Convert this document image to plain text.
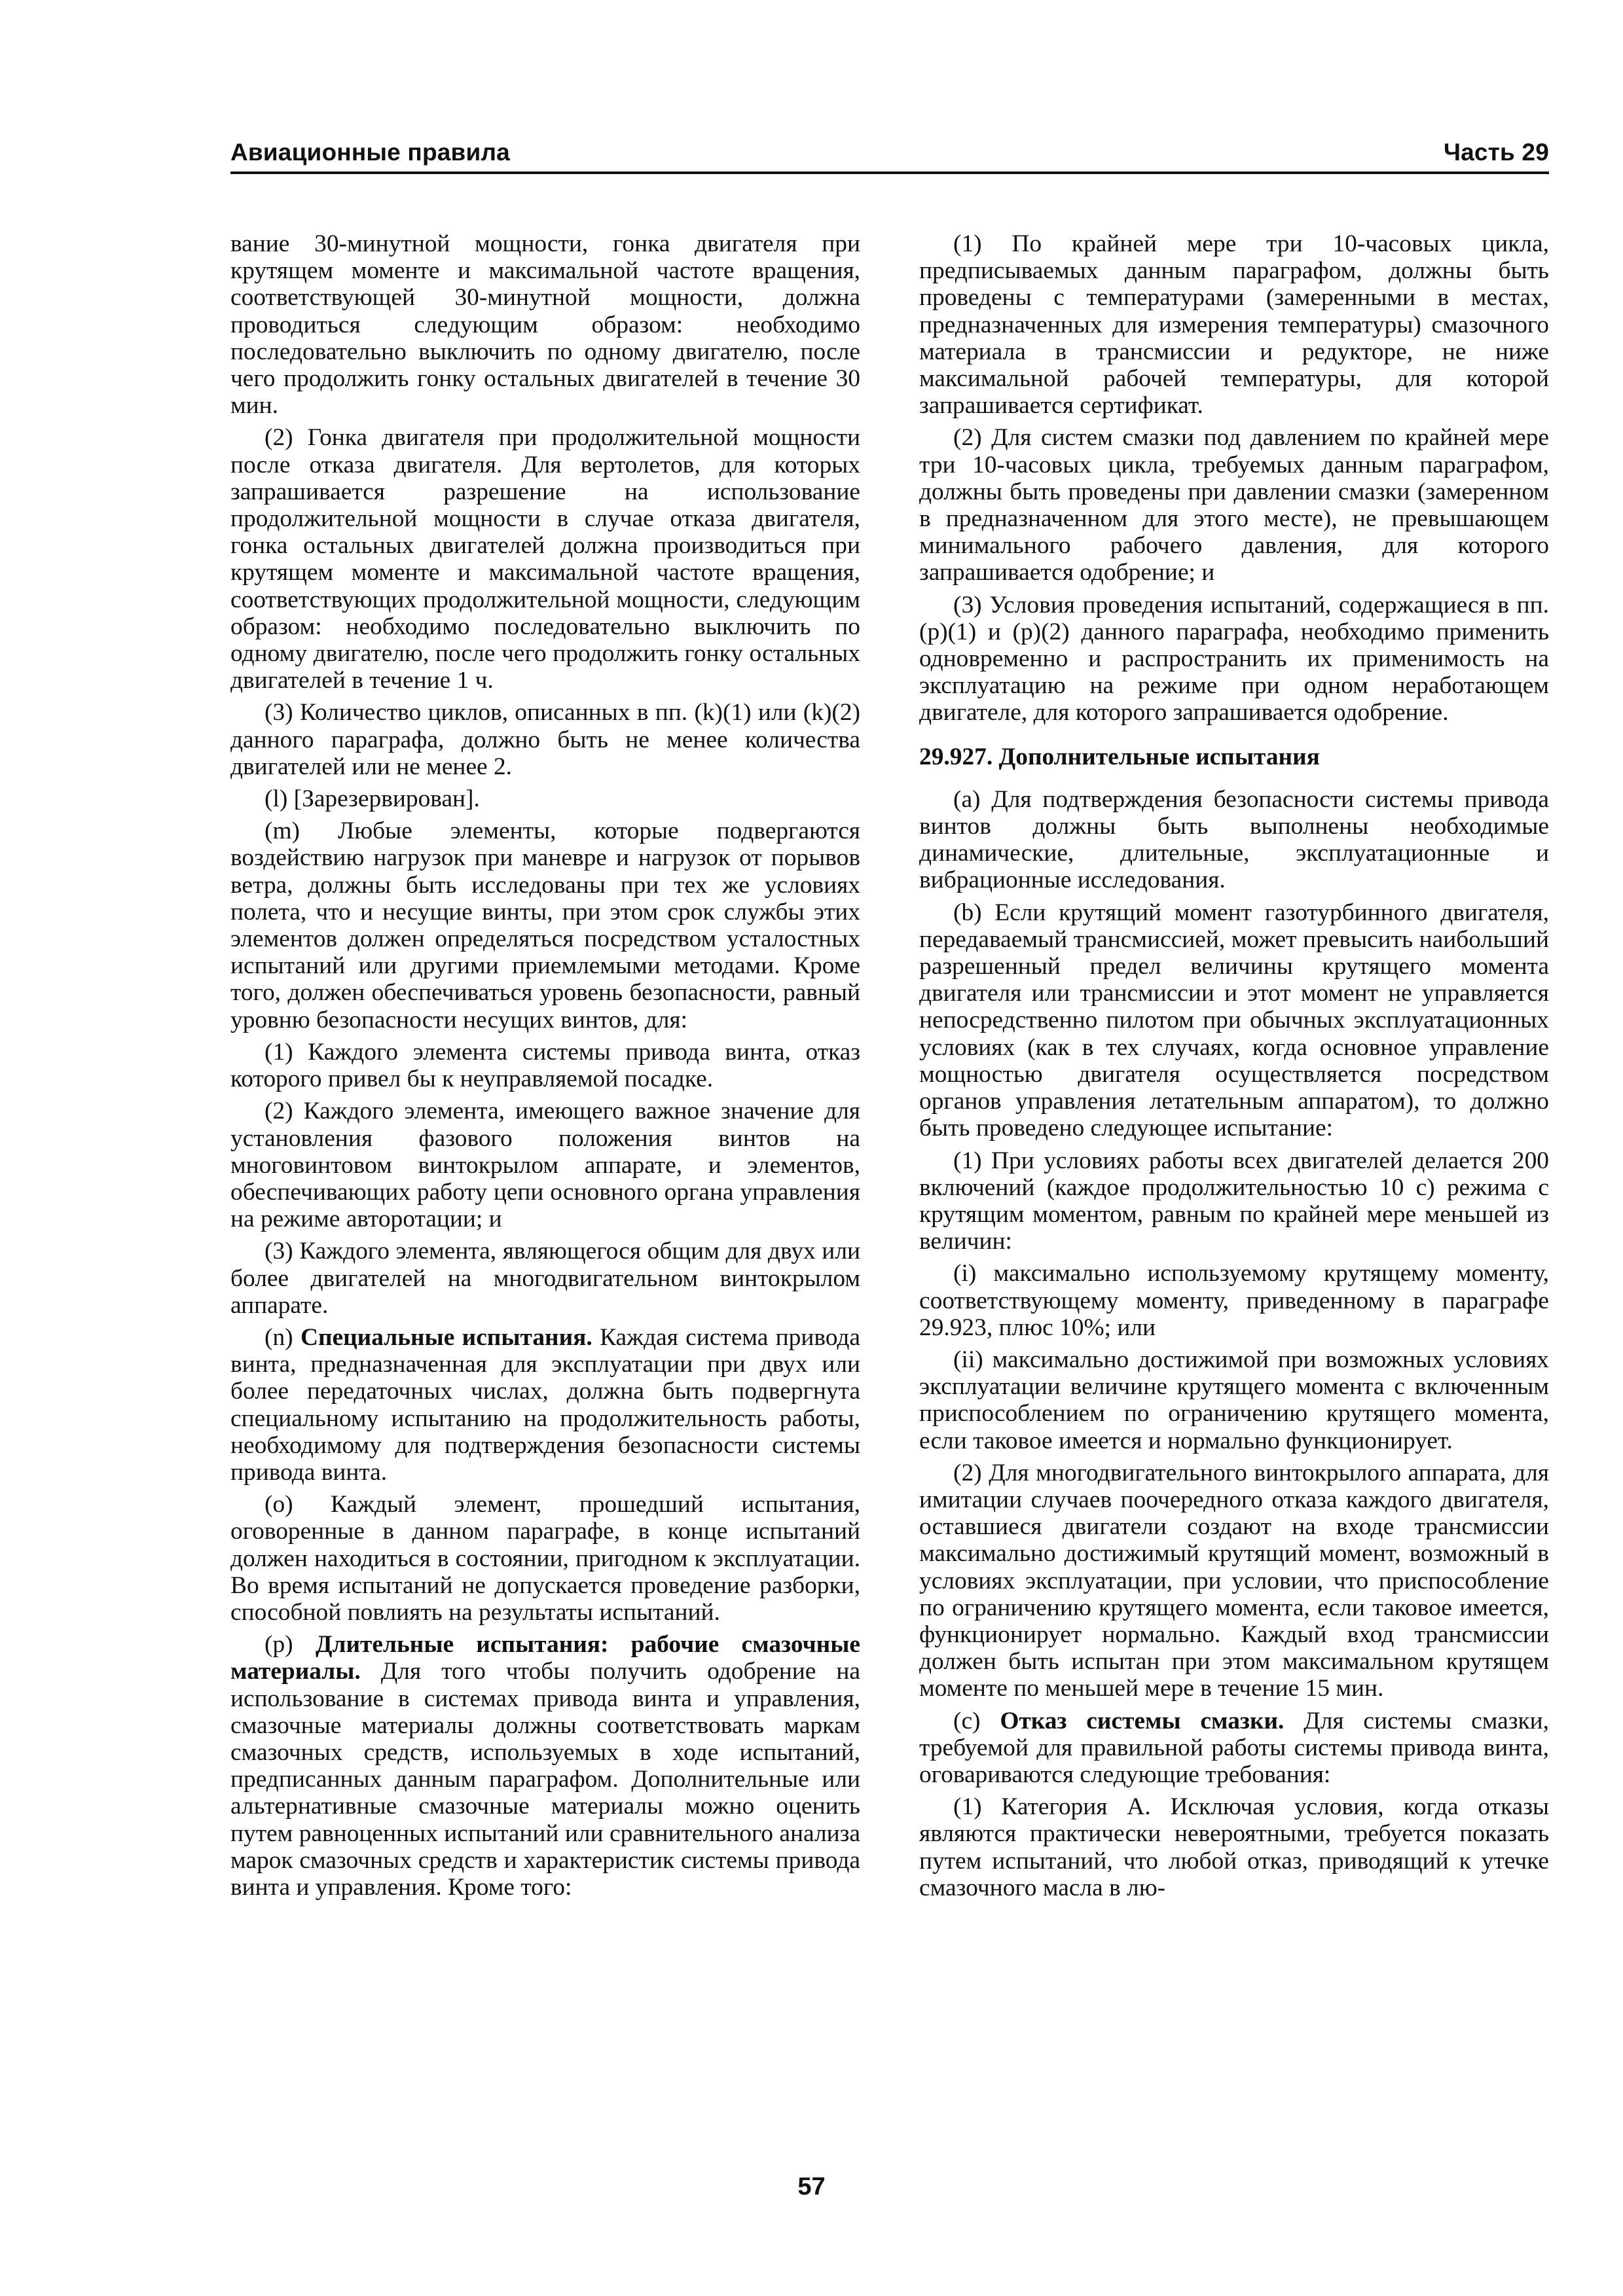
Авиационные правила	Часть 29

вание 30-минутной мощности, гонка двигателя при крутящем моменте и максимальной частоте вращения, соответствующей 30-минутной мощности, должна проводиться следующим образом: необходимо последовательно выключить по одному двигателю, после чего продолжить гонку остальных двигателей в течение 30 мин.

(2) Гонка двигателя при продолжительной мощности после отказа двигателя. Для вертолетов, для которых запрашивается разрешение на использование продолжительной мощности в случае отказа двигателя, гонка остальных двигателей должна производиться при крутящем моменте и максимальной частоте вращения, соответствующих продолжительной мощности, следующим образом: необходимо последовательно выключить по одному двигателю, после чего продолжить гонку остальных двигателей в течение 1 ч.

(3) Количество циклов, описанных в пп. (k)(1) или (k)(2) данного параграфа, должно быть не менее количества двигателей или не менее 2.

(l) [Зарезервирован].

(m) Любые элементы, которые подвергаются воздействию нагрузок при маневре и нагрузок от порывов ветра, должны быть исследованы при тех же условиях полета, что и несущие винты, при этом срок службы этих элементов должен определяться посредством усталостных испытаний или другими приемлемыми методами. Кроме того, должен обеспечиваться уровень безопасности, равный уровню безопасности несущих винтов, для:

(1) Каждого элемента системы привода винта, отказ которого привел бы к неуправляемой посадке.

(2) Каждого элемента, имеющего важное значение для установления фазового положения винтов на многовинтовом винтокрылом аппарате, и элементов, обеспечивающих работу цепи основного органа управления на режиме авторотации; и

(3) Каждого элемента, являющегося общим для двух или более двигателей на многодвигательном винтокрылом аппарате.

(n) Специальные испытания. Каждая система привода винта, предназначенная для эксплуатации при двух или более передаточных числах, должна быть подвергнута специальному испытанию на продолжительность работы, необходимому для подтверждения безопасности системы привода винта.

(о) Каждый элемент, прошедший испытания, оговоренные в данном параграфе, в конце испытаний должен находиться в состоянии, пригодном к эксплуатации. Во время испытаний не допускается проведение разборки, способной повлиять на результаты испытаний.

(р) Длительные испытания: рабочие смазочные материалы. Для того чтобы получить одобрение на использование в системах привода винта и управления, смазочные материалы должны соответствовать маркам смазочных средств, используемых в ходе испытаний, предписанных данным параграфом. Дополнительные или альтернативные смазочные материалы можно оценить путем равноценных испытаний или сравнительного анализа марок смазочных средств и характеристик системы привода винта и управления. Кроме того:

(1) По крайней мере три 10-часовых цикла, предписываемых данным параграфом, должны быть проведены с температурами (замеренными в местах, предназначенных для измерения температуры) смазочного материала в трансмиссии и редукторе, не ниже максимальной рабочей температуры, для которой запрашивается сертификат.

(2) Для систем смазки под давлением по крайней мере три 10-часовых цикла, требуемых данным параграфом, должны быть проведены при давлении смазки (замеренном в предназначенном для этого месте), не превышающем минимального рабочего давления, для которого запрашивается одобрение; и

(3) Условия проведения испытаний, содержащиеся в пп. (р)(1) и (р)(2) данного параграфа, необходимо применить одновременно и распространить их применимость на эксплуатацию на режиме при одном неработающем двигателе, для которого запрашивается одобрение.

29.927. Дополнительные испытания

(а) Для подтверждения безопасности системы привода винтов должны быть выполнены необходимые динамические, длительные, эксплуатационные и вибрационные исследования.

(b) Если крутящий момент газотурбинного двигателя, передаваемый трансмиссией, может превысить наибольший разрешенный предел величины крутящего момента двигателя или трансмиссии и этот момент не управляется непосредственно пилотом при обычных эксплуатационных условиях (как в тех случаях, когда основное управление мощностью двигателя осуществляется посредством органов управления летательным аппаратом), то должно быть проведено следующее испытание:

(1) При условиях работы всех двигателей делается 200 включений (каждое продолжительностью 10 с) режима с крутящим моментом, равным по крайней мере меньшей из величин:

(i) максимально используемому крутящему моменту, соответствующему моменту, приведенному в параграфе 29.923, плюс 10%; или

(ii) максимально достижимой при возможных условиях эксплуатации величине крутящего момента с включенным приспособлением по ограничению крутящего момента, если таковое имеется и нормально функционирует.

(2) Для многодвигательного винтокрылого аппарата, для имитации случаев поочередного отказа каждого двигателя, оставшиеся двигатели создают на входе трансмиссии максимально достижимый крутящий момент, возможный в условиях эксплуатации, при условии, что приспособление по ограничению крутящего момента, если таковое имеется, функционирует нормально. Каждый вход трансмиссии должен быть испытан при этом максимальном крутящем моменте по меньшей мере в течение 15 мин.

(с) Отказ системы смазки. Для системы смазки, требуемой для правильной работы системы привода винта, оговариваются следующие требования:

(1) Категория А. Исключая условия, когда отказы являются практически невероятными, требуется показать путем испытаний, что любой отказ, приводящий к утечке смазочного масла в лю-

57
